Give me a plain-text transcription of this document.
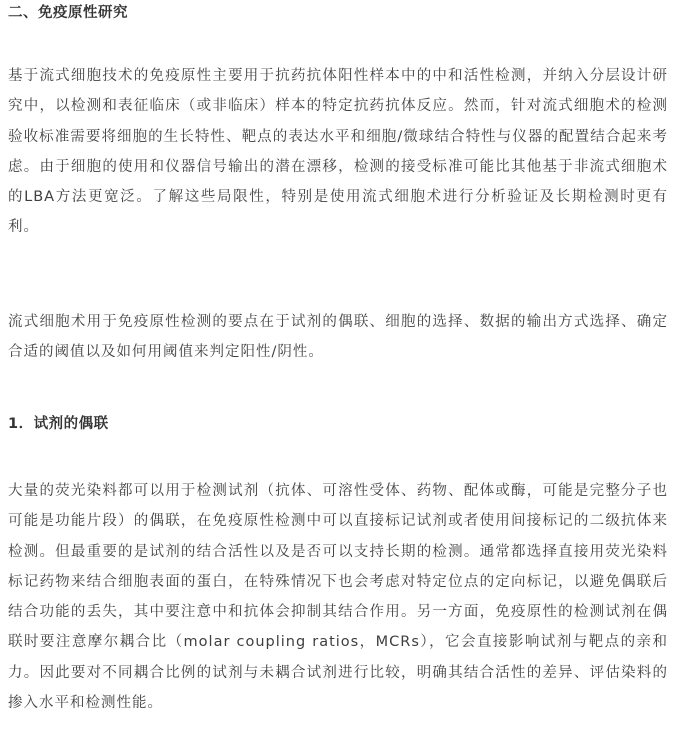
二、免疫原性研究

基于流式细胞技术的免疫原性主要用于抗药抗体阳性样本中的中和活性检测，并纳入分层设计研究中，以检测和表征临床（或非临床）样本的特定抗药抗体反应。然而，针对流式细胞术的检测验收标准需要将细胞的生长特性、靶点的表达水平和细胞/微球结合特性与仪器的配置结合起来考虑。由于细胞的使用和仪器信号输出的潜在漂移，检测的接受标准可能比其他基于非流式细胞术的LBA方法更宽泛。了解这些局限性，特别是使用流式细胞术进行分析验证及长期检测时更有利。

流式细胞术用于免疫原性检测的要点在于试剂的偶联、细胞的选择、数据的输出方式选择、确定合适的阈值以及如何用阈值来判定阳性/阴性。

1．试剂的偶联

大量的荧光染料都可以用于检测试剂（抗体、可溶性受体、药物、配体或酶，可能是完整分子也可能是功能片段）的偶联，在免疫原性检测中可以直接标记试剂或者使用间接标记的二级抗体来检测。但最重要的是试剂的结合活性以及是否可以支持长期的检测。通常都选择直接用荧光染料标记药物来结合细胞表面的蛋白，在特殊情况下也会考虑对特定位点的定向标记，以避免偶联后结合功能的丢失，其中要注意中和抗体会抑制其结合作用。另一方面，免疫原性的检测试剂在偶联时要注意摩尔耦合比（molar coupling ratios，MCRs），它会直接影响试剂与靶点的亲和力。因此要对不同耦合比例的试剂与未耦合试剂进行比较，明确其结合活性的差异、评估染料的掺入水平和检测性能。
